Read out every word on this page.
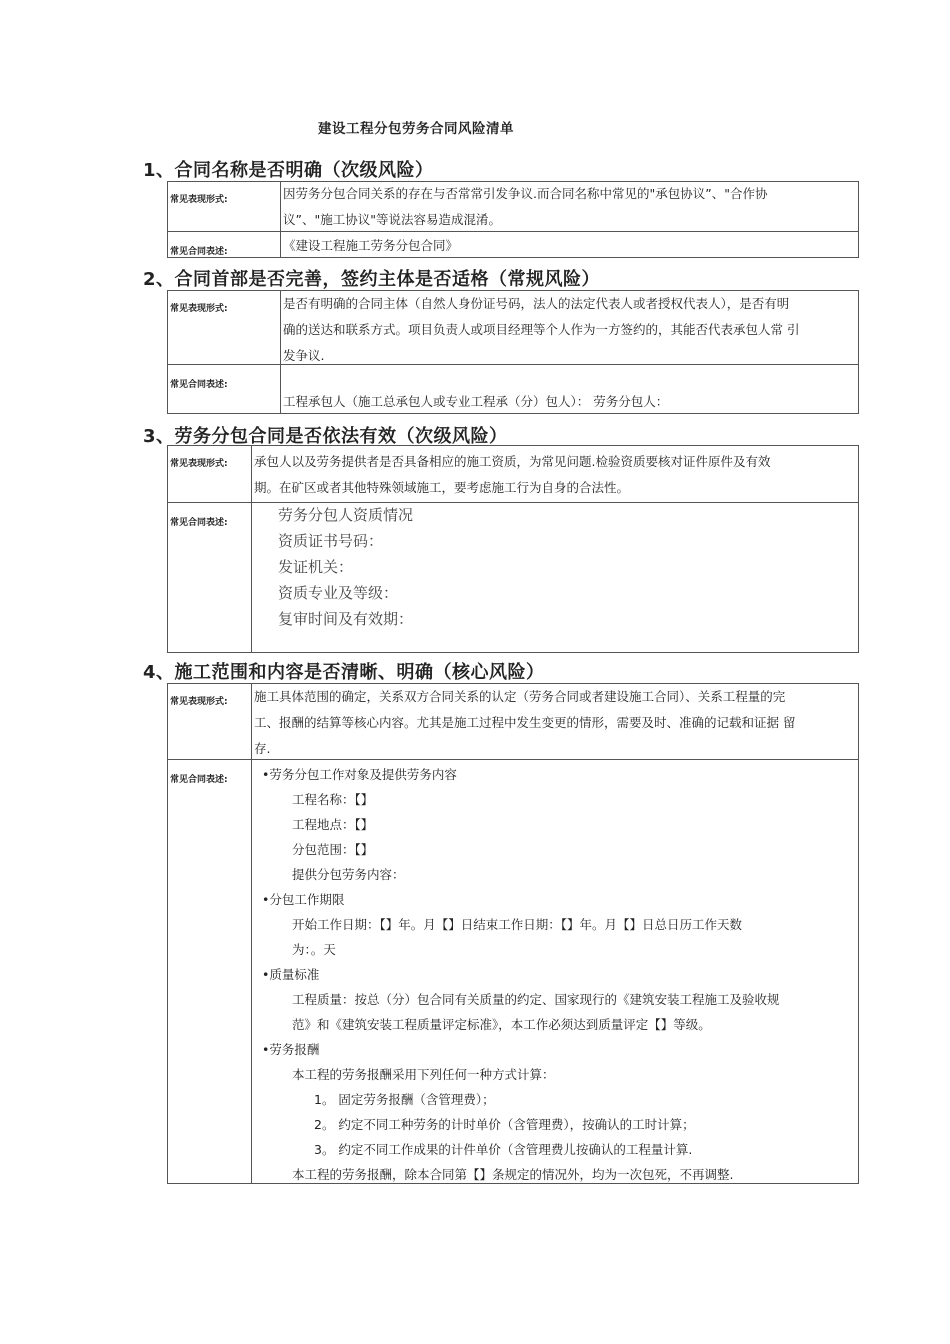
建设工程分包劳务合同风险清单
1、合同名称是否明确（次级风险）
常见表现形式:	因劳务分包合同关系的存在与否常常引发争议.而合同名称中常见的"承包协议”、"合作协

议”、"施工协议"等说法容易造成混淆。

常见合同表述:	《建设工程施工劳务分包合同》

2、合同首部是否完善，签约主体是否适格（常规风险）
常见表现形式:	是否有明确的合同主体（自然人身份证号码，法人的法定代表人或者授权代表人），是否有明

确的送达和联系方式。项目负责人或项目经理等个人作为一方签约的，其能否代表承包人常 引

发争议.

常见合同表述:

工程承包人（施工总承包人或专业工程承（分）包人）： 劳务分包人：

3、劳务分包合同是否依法有效（次级风险）
常见表现形式:	承包人以及劳务提供者是否具备相应的施工资质，为常见问题.检验资质要核对证件原件及有效

期。在矿区或者其他特殊领域施工，要考虑施工行为自身的合法性。

常见合同表述:	劳务分包人资质情况

资质证书号码：

发证机关：

资质专业及等级：

复审时间及有效期：

4、施工范围和内容是否清晰、明确（核心风险）
常见表现形式:	施工具体范围的确定，关系双方合同关系的认定（劳务合同或者建设施工合同）、关系工程量的完

工、报酬的结算等核心内容。尤其是施工过程中发生变更的情形，需要及时、准确的记载和证据 留

存.

常见合同表述:	•劳务分包工作对象及提供劳务内容

工程名称：【】

工程地点：【】

分包范围：【】

提供分包劳务内容：

•分包工作期限

开始工作日期：【】年。月【】日结束工作日期：【】年。月【】日总日历工作天数

为：。天

•质量标准

工程质量：按总（分）包合同有关质量的约定、国家现行的《建筑安装工程施工及验收规

范》和《建筑安装工程质量评定标准》，本工作必须达到质量评定【】等级。

•劳务报酬

本工程的劳务报酬采用下列任何一种方式计算：

1。 固定劳务报酬（含管理费）；

2。 约定不同工种劳务的计时单价（含管理费），按确认的工时计算；

3。 约定不同工作成果的计件单价（含管理费儿按确认的工程量计算.

本工程的劳务报酬，除本合同第【】条规定的情况外，均为一次包死，不再调整.
